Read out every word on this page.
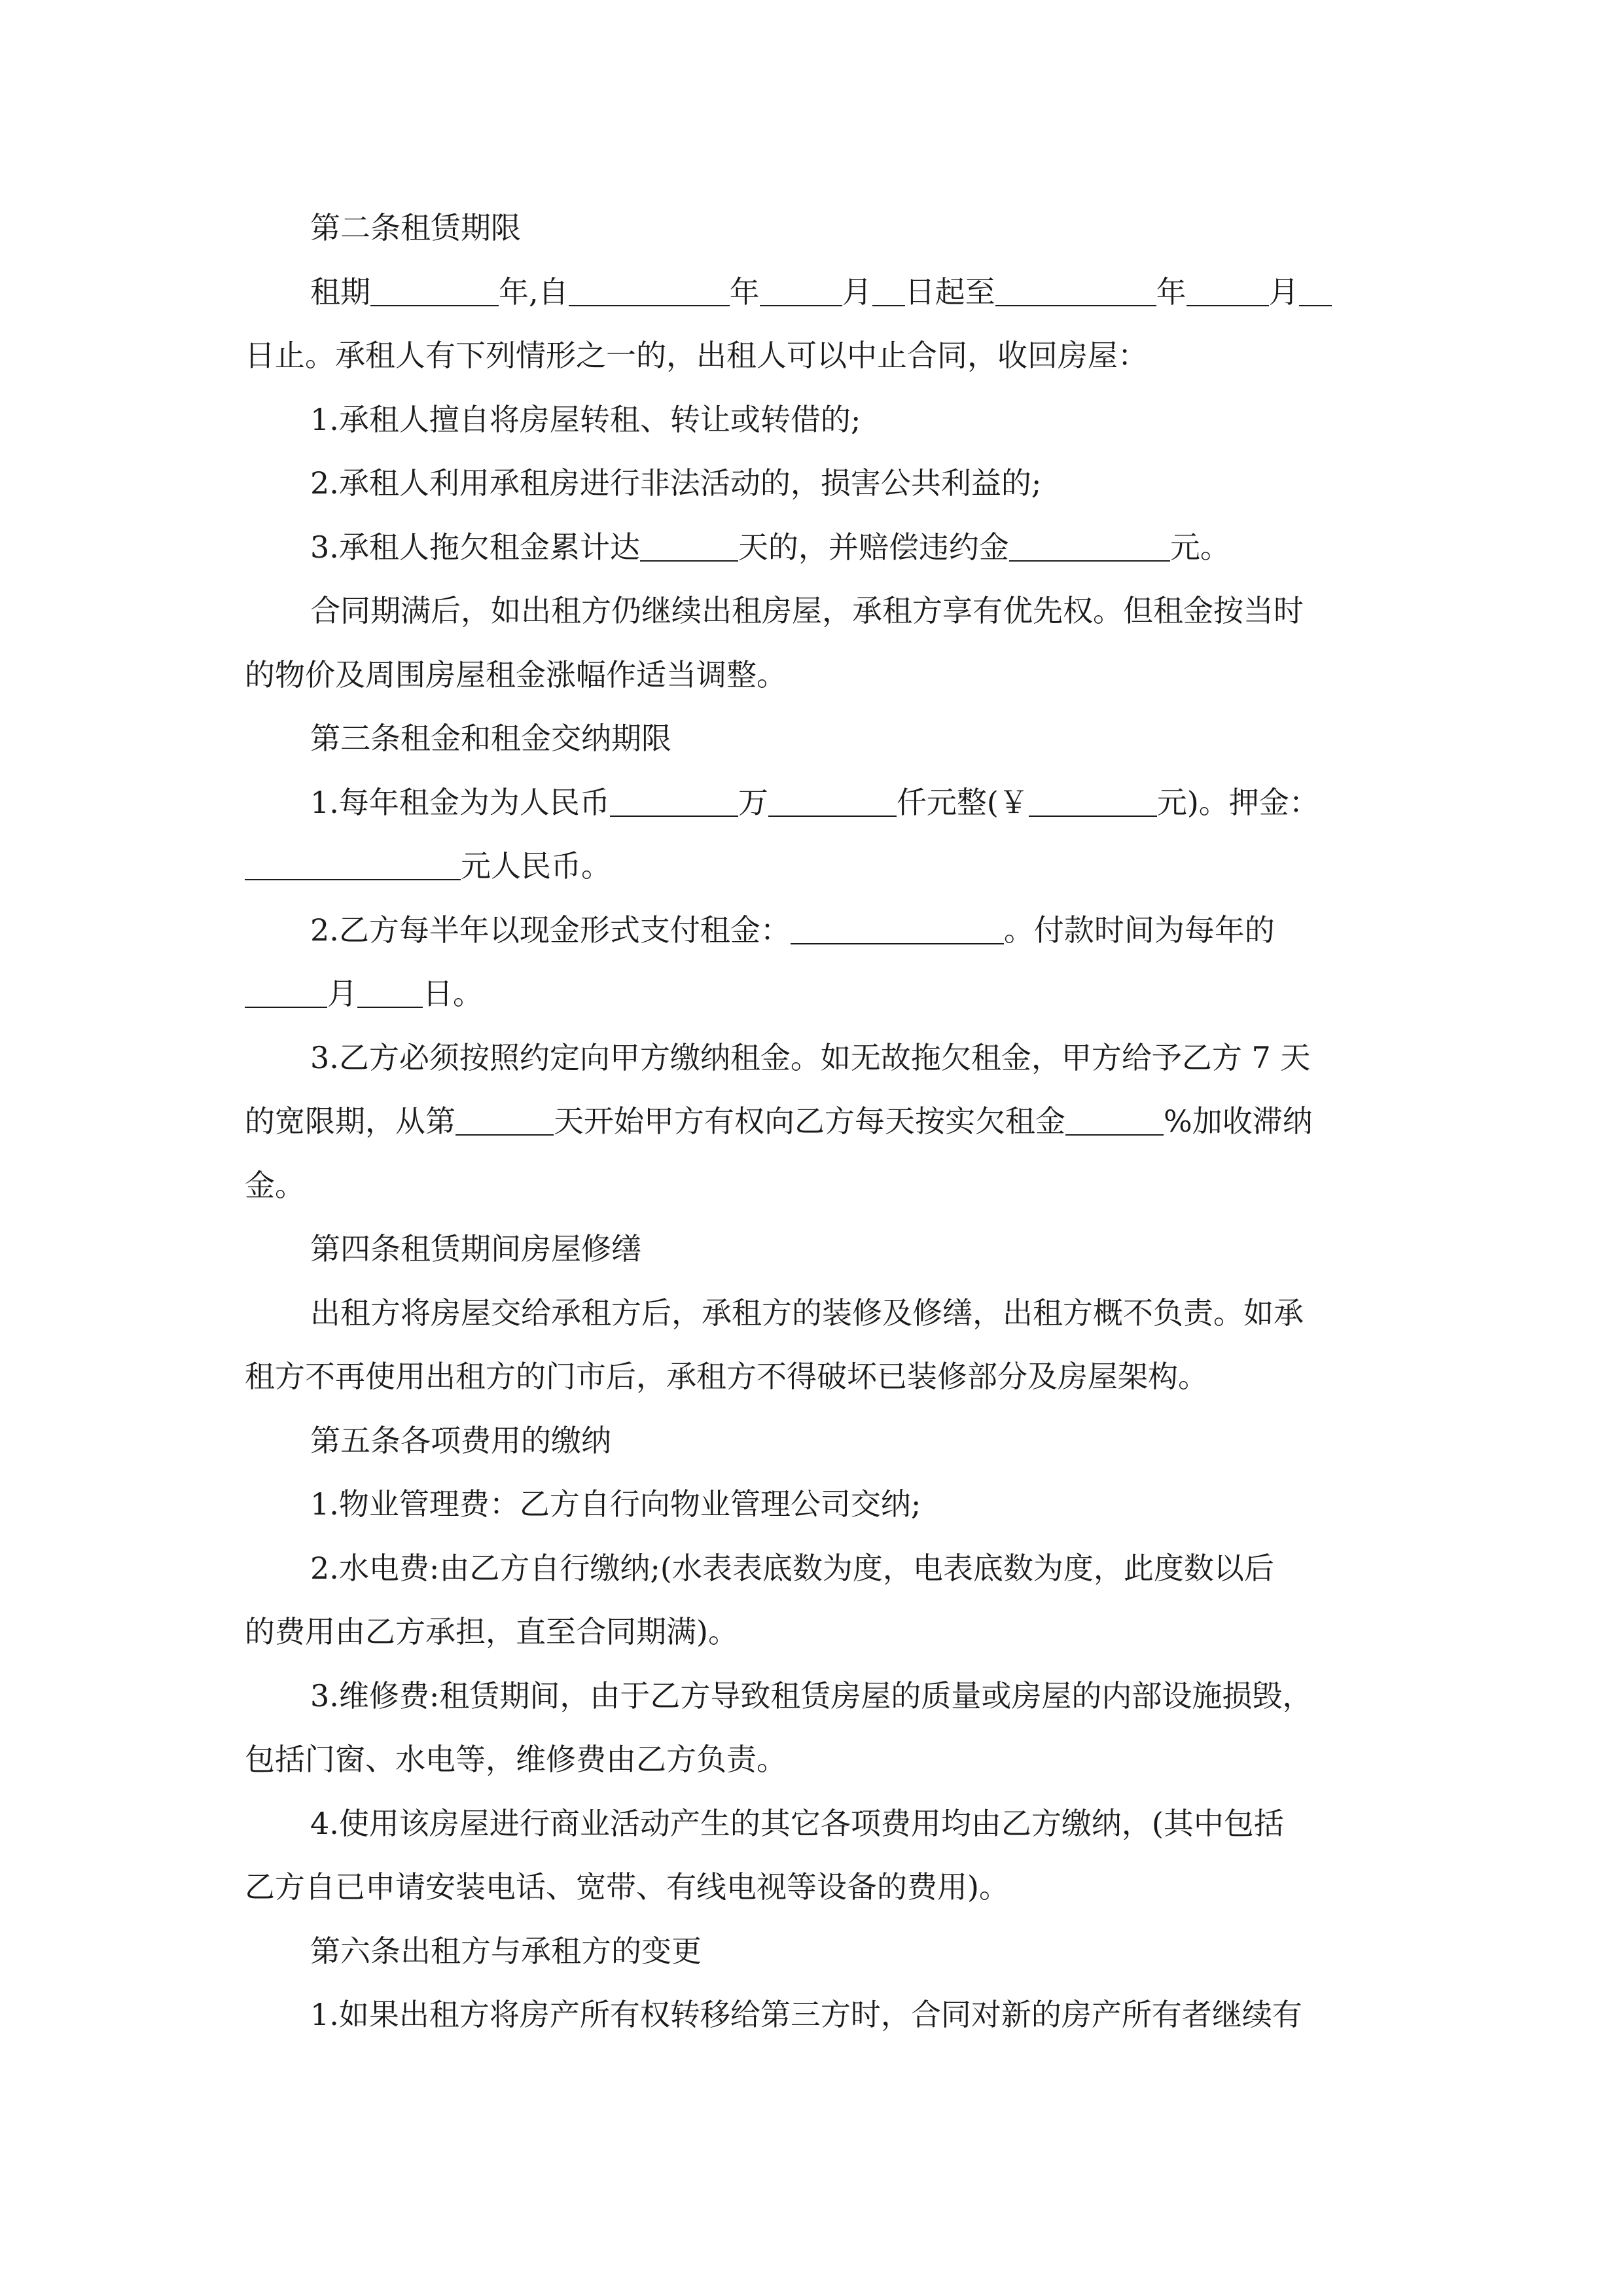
第二条租赁期限
租期	年,自	年	月 日起至	年	月
日止。承租人有下列情形之一的，出租人可以中止合同，收回房屋：
1.承租人擅自将房屋转租、转让或转借的;
2.承租人利用承租房进行非法活动的，损害公共利益的;
3.承租人拖欠租金累计达	天的，并赔偿违约金	元。
合同期满后，如出租方仍继续出租房屋，承租方享有优先权。但租金按当时
的物价及周围房屋租金涨幅作适当调整。
第三条租金和租金交纳期限
1.每年租金为为人民币	万	仟元整(￥	元)。押金：
元人民币。
2.乙方每半年以现金形式支付租金：	。付款时间为每年的
月 日。
3.乙方必须按照约定向甲方缴纳租金。如无故拖欠租金，甲方给予乙方 7 天
的宽限期，从第	天开始甲方有权向乙方每天按实欠租金	%加收滞纳
金。
第四条租赁期间房屋修缮
出租方将房屋交给承租方后，承租方的装修及修缮，出租方概不负责。如承
租方不再使用出租方的门市后，承租方不得破坏已装修部分及房屋架构。
第五条各项费用的缴纳
1.物业管理费：乙方自行向物业管理公司交纳;
2.水电费:由乙方自行缴纳;(水表表底数为度，电表底数为度，此度数以后
的费用由乙方承担，直至合同期满)。
3.维修费:租赁期间，由于乙方导致租赁房屋的质量或房屋的内部设施损毁，
包括门窗、水电等，维修费由乙方负责。
4.使用该房屋进行商业活动产生的其它各项费用均由乙方缴纳，(其中包括
乙方自已申请安装电话、宽带、有线电视等设备的费用)。
第六条出租方与承租方的变更
1.如果出租方将房产所有权转移给第三方时，合同对新的房产所有者继续有
